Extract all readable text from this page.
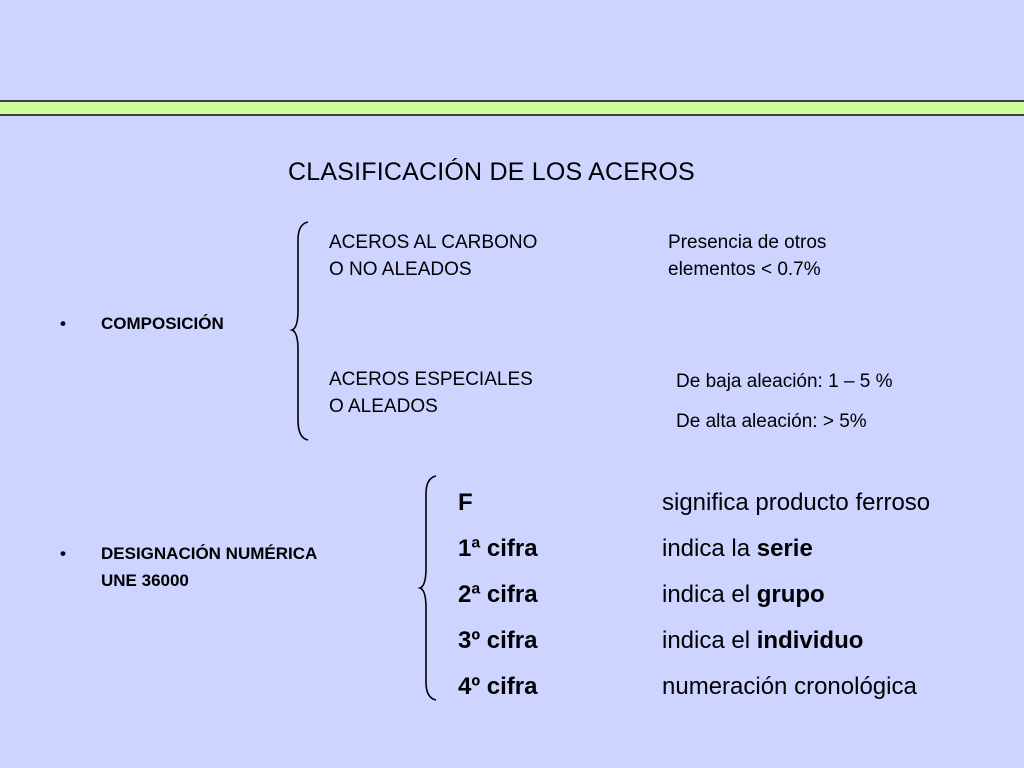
CLASIFICACIÓN DE LOS ACEROS
• COMPOSICIÓN
ACEROS AL CARBONO
O NO ALEADOS
Presencia de otros
elementos < 0.7%
ACEROS ESPECIALES
O ALEADOS
De baja aleación: 1 – 5 %
De alta aleación: > 5%
• DESIGNACIÓN NUMÉRICA
UNE 36000
F
1ª cifra
2ª cifra
3º cifra
4º cifra
significa producto ferroso
indica la serie
indica el grupo
indica el individuo
numeración cronológica
